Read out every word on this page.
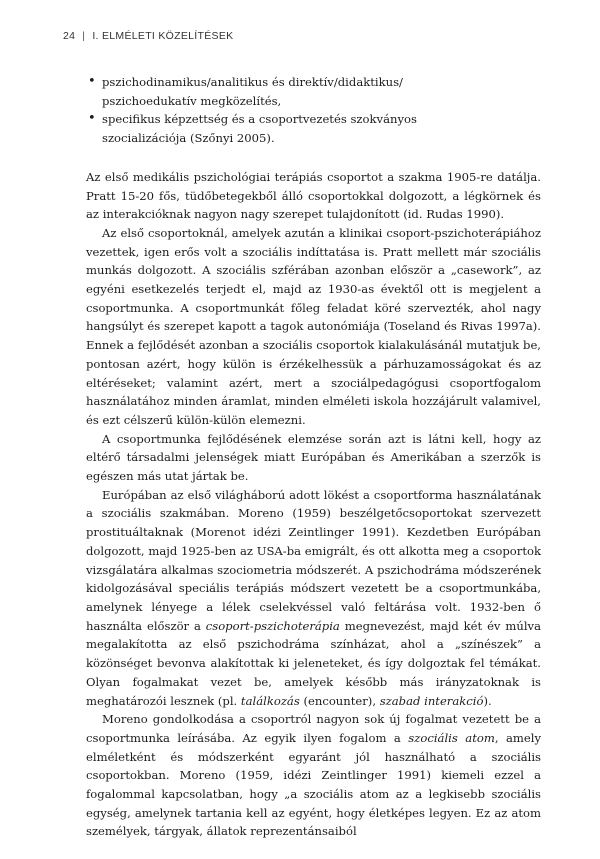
24 | I. ELMÉLETI KÖZELÍTÉSEK
• pszichodinamikus/analitikus és direktív/didaktikus/ pszichoedukatív megközelítés,
• specifikus képzettség és a csoportvezetés szokványos szocializációja (Szőnyi 2005).

Az első medikális pszichológiai terápiás csoportot a szakma 1905-re datálja. Pratt 15-20 fős, tüdőbetegekből álló csoportokkal dolgozott, a légkörnek és az interakcióknak nagyon nagy szerepet tulajdonított (id. Rudas 1990).

Az első csoportoknál, amelyek azután a klinikai csoport-pszichoterápiához vezettek, igen erős volt a szociális indíttatása is. Pratt mellett már szociális munkás dolgozott. A szociális szférában azonban először a „casework”, az egyéni esetkezelés terjedt el, majd az 1930-as évektől ott is megjelent a csoportmunka. A csoportmunkát főleg feladat köré szervezték, ahol nagy hangsúlyt és szerepet kapott a tagok autonómiája (Toseland és Rivas 1997a). Ennek a fejlődését azonban a szociális csoportok kialakulásánál mutatjuk be, pontosan azért, hogy külön is érzékelhessük a párhuzamosságokat és az eltéréseket; valamint azért, mert a szociálpedagógusi csoportfogalom használatához minden áramlat, minden elméleti iskola hozzájárult valamivel, és ezt célszerű külön-külön elemezni.

A csoportmunka fejlődésének elemzése során azt is látni kell, hogy az eltérő társadalmi jelenségek miatt Európában és Amerikában a szerzők is egészen más utat jártak be.

Európában az első világháború adott lökést a csoportforma használatának a szociális szakmában. Moreno (1959) beszélgetőcsoportokat szervezett prostituáltaknak (Morenot idézi Zeintlinger 1991). Kezdetben Európában dolgozott, majd 1925-ben az USA-ba emigrált, és ott alkotta meg a csoportok vizsgálatára alkalmas szociometria módszerét. A pszichodráma módszerének kidolgozásával speciális terápiás módszert vezetett be a csoportmunkába, amelynek lényege a lélek cselekvéssel való feltárása volt. 1932-ben ő használta először a csoport-pszichoterápia megnevezést, majd két év múlva megalakította az első pszichodráma színházat, ahol a „színészek” a közönséget bevonva alakítottak ki jeleneteket, és így dolgoztak fel témákat. Olyan fogalmakat vezet be, amelyek később más irányzatoknak is meghatározói lesznek (pl. találkozás (encounter), szabad interakció).

Moreno gondolkodása a csoportról nagyon sok új fogalmat vezetett be a csoportmunka leírásába. Az egyik ilyen fogalom a szociális atom, amely elméletként és módszerként egyaránt jól használható a szociális csoportokban. Moreno (1959, idézi Zeintlinger 1991) kiemeli ezzel a fogalommal kapcsolatban, hogy „a szociális atom az a legkisebb szociális egység, amelynek tartania kell az egyént, hogy életképes legyen. Ez az atom személyek, tárgyak, állatok reprezentánsaiból
